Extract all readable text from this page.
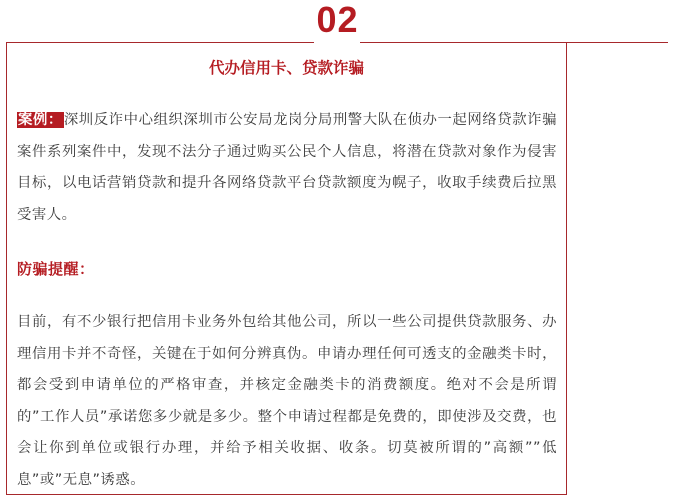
02
代办信用卡、贷款诈骗

案例：深圳反诈中心组织深圳市公安局龙岗分局刑警大队在侦办一起网络贷款诈骗案件系列案件中，发现不法分子通过购买公民个人信息，将潜在贷款对象作为侵害目标，以电话营销贷款和提升各网络贷款平台贷款额度为幌子，收取手续费后拉黑受害人。

防骗提醒：

目前，有不少银行把信用卡业务外包给其他公司，所以一些公司提供贷款服务、办理信用卡并不奇怪，关键在于如何分辨真伪。申请办理任何可透支的金融类卡时，都会受到申请单位的严格审查，并核定金融类卡的消费额度。绝对不会是所谓的”工作人员”承诺您多少就是多少。整个申请过程都是免费的，即使涉及交费，也会让你到单位或银行办理，并给予相关收据、收条。切莫被所谓的”高额””低息”或”无息”诱惑。
